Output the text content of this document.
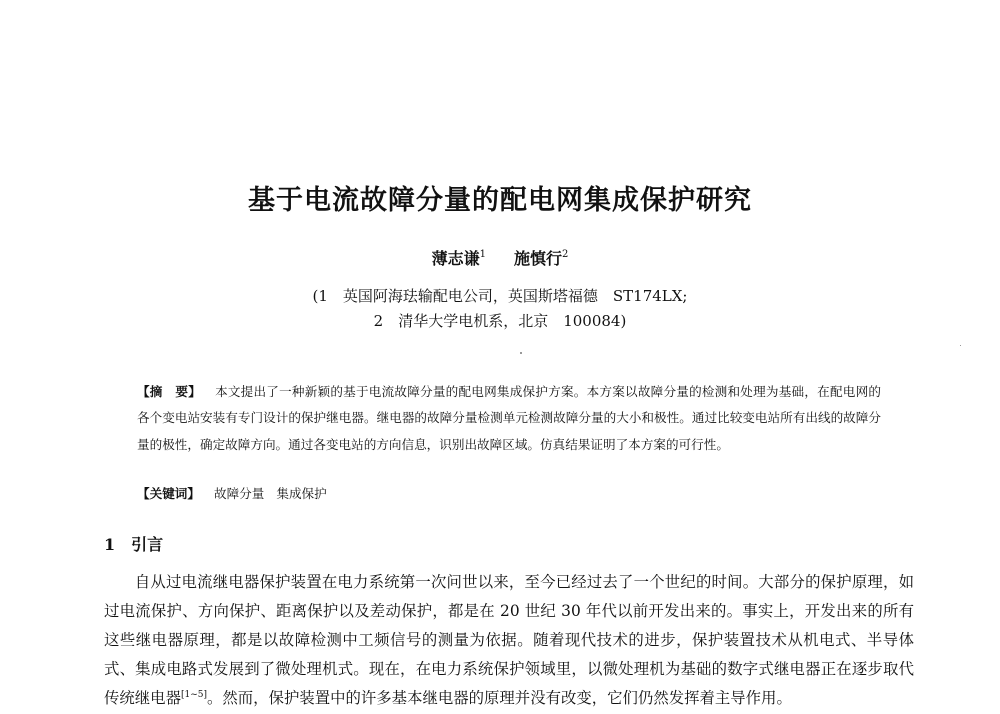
基于电流故障分量的配电网集成保护研究
薄志谦$^1$ 施慎行$^2$
(1　英国阿海珐输配电公司，英国斯塔福德　ST174LX;
2　清华大学电机系，北京　100084)
【摘　要】 本文提出了一种新颖的基于电流故障分量的配电网集成保护方案。本方案以故障分量的检测和处理为基础，在配电网的各个变电站安装有专门设计的保护继电器。继电器的故障分量检测单元检测故障分量的大小和极性。通过比较变电站所有出线的故障分量的极性，确定故障方向。通过各变电站的方向信息，识别出故障区域。仿真结果证明了本方案的可行性。
【关键词】 故障分量 集成保护
1 引言

自从过电流继电器保护装置在电力系统第一次问世以来，至今已经过去了一个世纪的时间。大部分的保护原理，如过电流保护、方向保护、距离保护以及差动保护，都是在 20 世纪 30 年代以前开发出来的。事实上，开发出来的所有这些继电器原理，都是以故障检测中工频信号的测量为依据。随着现代技术的进步，保护装置技术从机电式、半导体式、集成电路式发展到了微处理机式。现在，在电力系统保护领域里，以微处理机为基础的数字式继电器正在逐步取代传统继电器[1~5]。然而，保护装置中的许多基本继电器的原理并没有改变，它们仍然发挥着主导作用。
